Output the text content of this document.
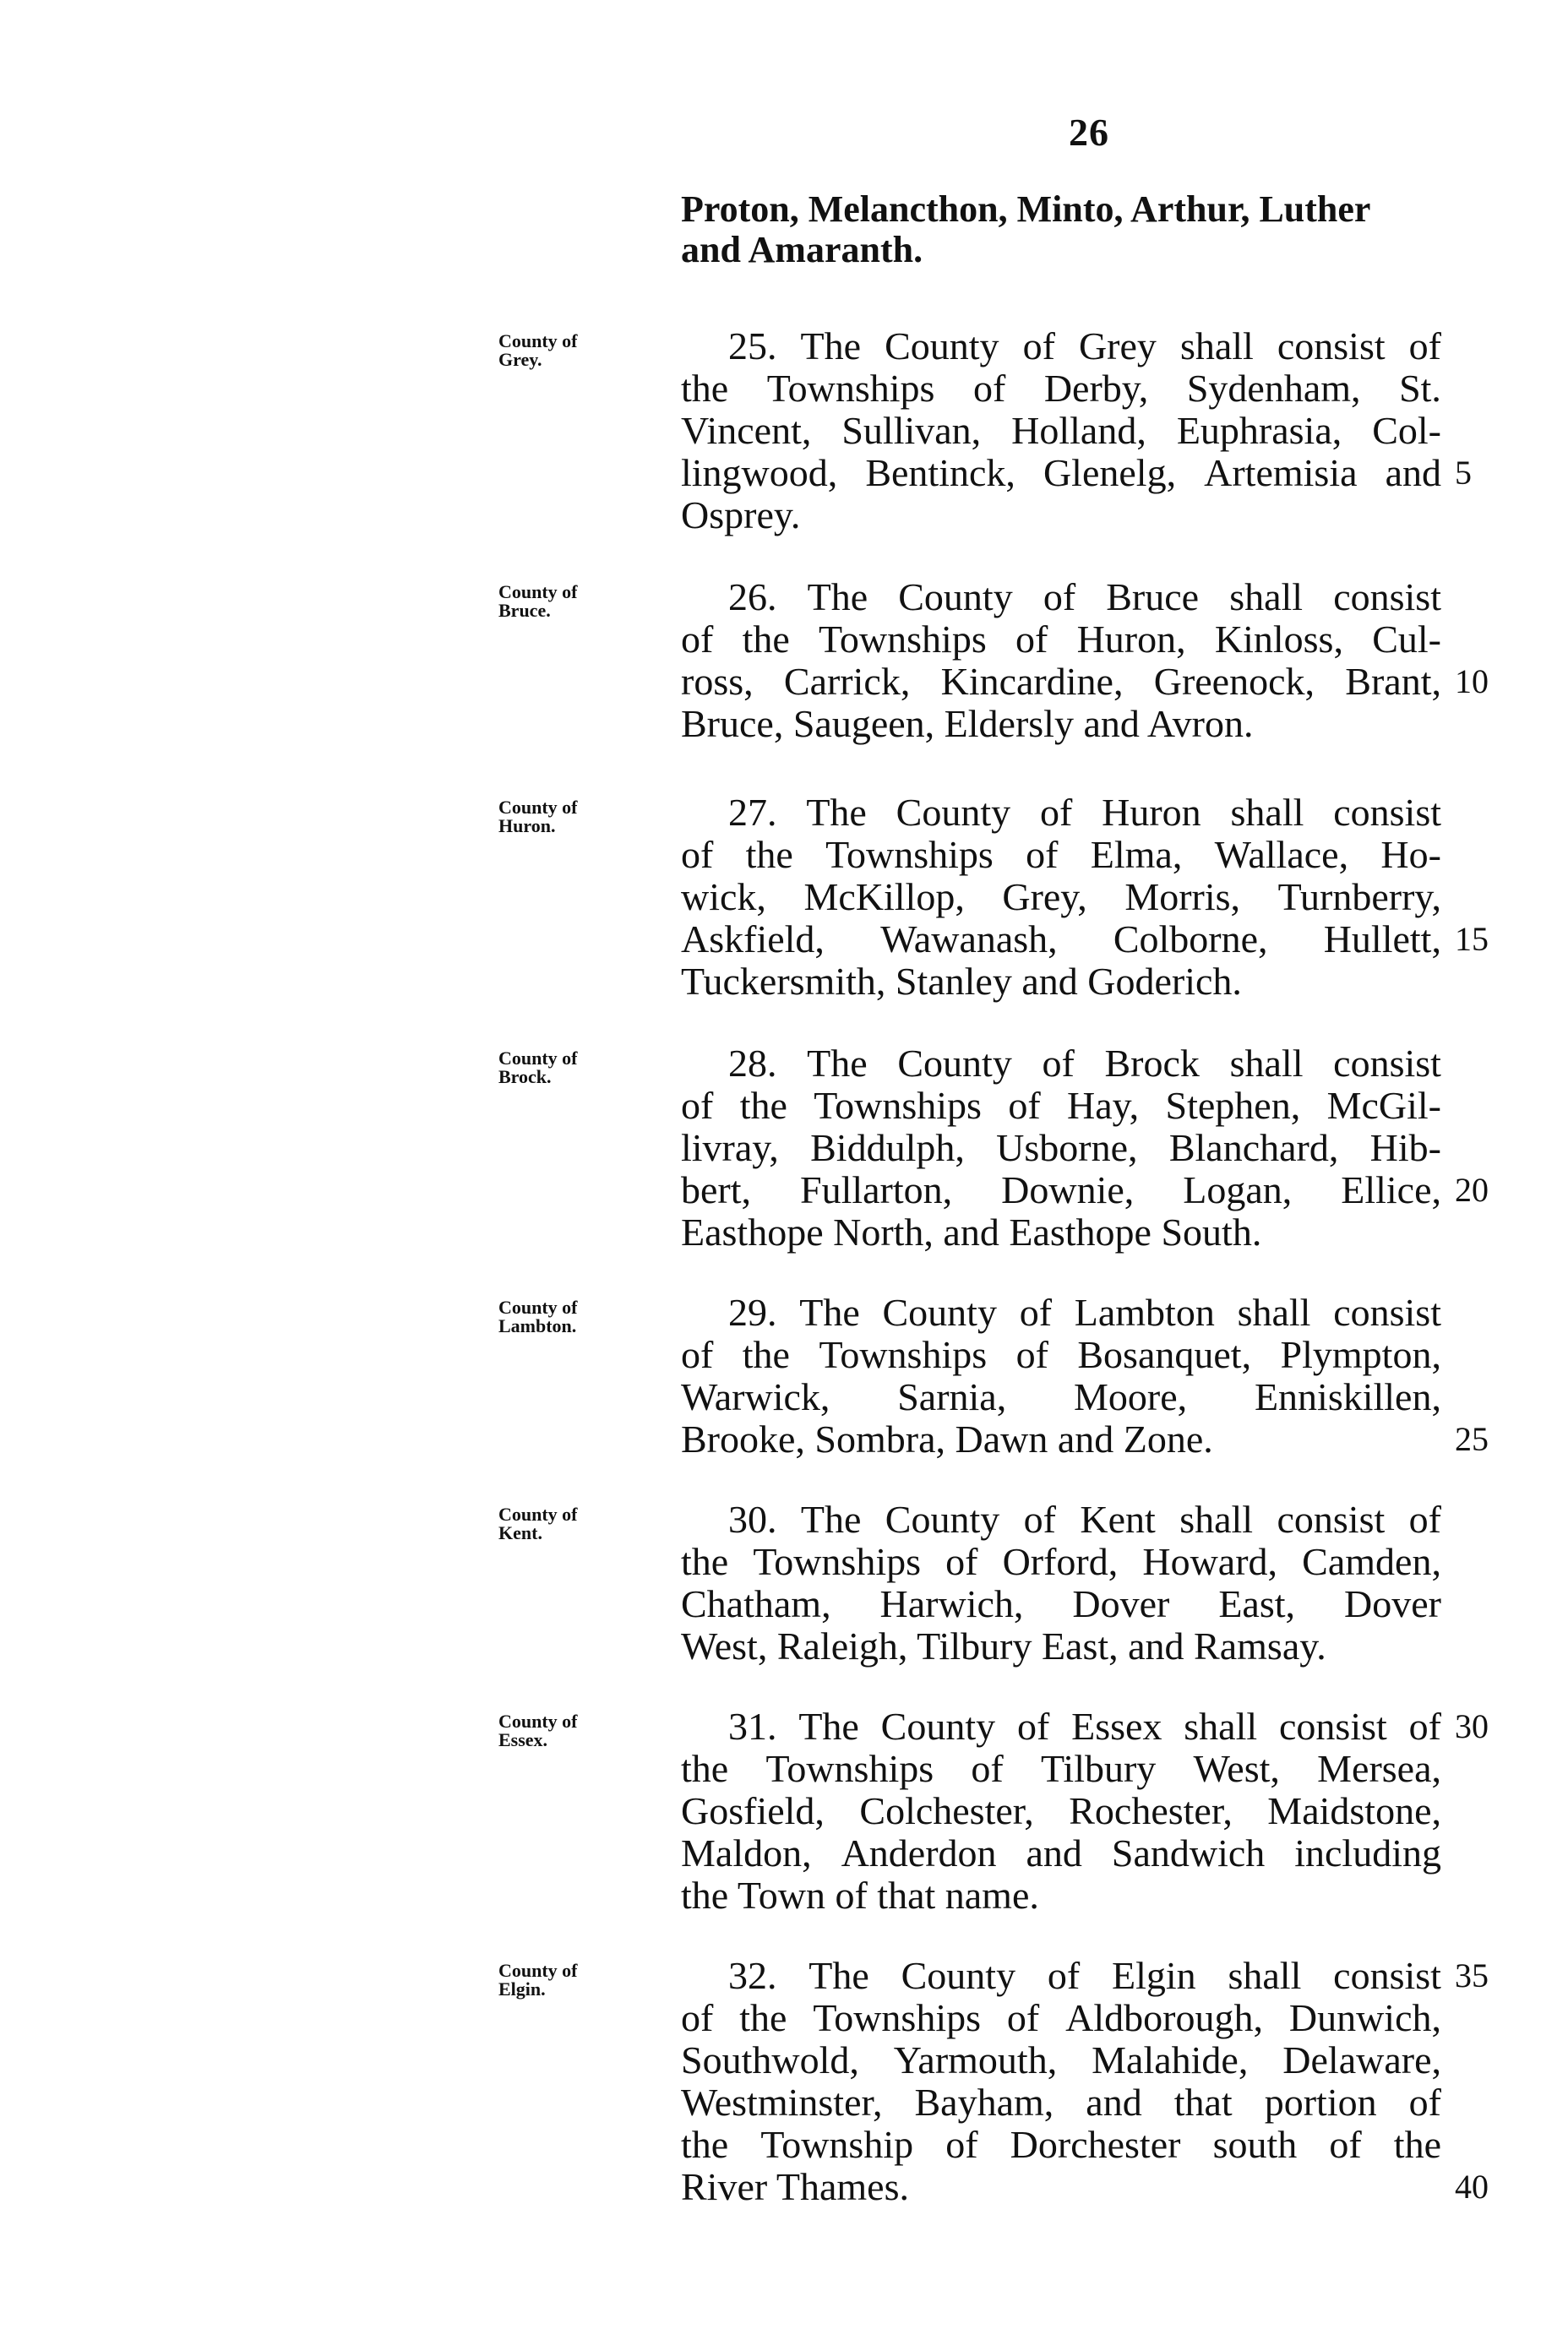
26
Proton, Melancthon, Minto, Arthur, Luther
and Amaranth.
County of
Grey.	25. The County of Grey shall consist of
the Townships of Derby, Sydenham, St.
Vincent, Sullivan, Holland, Euphrasia, Col-
lingwood, Bentinck, Glenelg, Artemisia and
Osprey.
County of
Bruce.	26. The County of Bruce shall consist
of the Townships of Huron, Kinloss, Cul-
ross, Carrick, Kincardine, Greenock, Brant,
Bruce, Saugeen, Eldersly and Avron.
County of
Huron.	27. The County of Huron shall consist
of the Townships of Elma, Wallace, Ho-
wick, McKillop, Grey, Morris, Turnberry,
Askfield, Wawanash, Colborne, Hullett,
Tuckersmith, Stanley and Goderich.
County of
Brock.	28. The County of Brock shall consist
of the Townships of Hay, Stephen, McGil-
livray, Biddulph, Usborne, Blanchard, Hib-
bert, Fullarton, Downie, Logan, Ellice,
Easthope North, and Easthope South.
County of
Lambton.	29. The County of Lambton shall consist
of the Townships of Bosanquet, Plympton,
Warwick, Sarnia, Moore, Enniskillen,
Brooke, Sombra, Dawn and Zone.
County of
Kent.	30. The County of Kent shall consist of
the Townships of Orford, Howard, Camden,
Chatham, Harwich, Dover East, Dover
West, Raleigh, Tilbury East, and Ramsay.
County of
Essex.	31. The County of Essex shall consist of
the Townships of Tilbury West, Mersea,
Gosfield, Colchester, Rochester, Maidstone,
Maldon, Anderdon and Sandwich including
the Town of that name.
County of
Elgin.	32. The County of Elgin shall consist
of the Townships of Aldborough, Dunwich,
Southwold, Yarmouth, Malahide, Delaware,
Westminster, Bayham, and that portion of
the Township of Dorchester south of the
River Thames.
5
10
15
20
25
30
35
40
